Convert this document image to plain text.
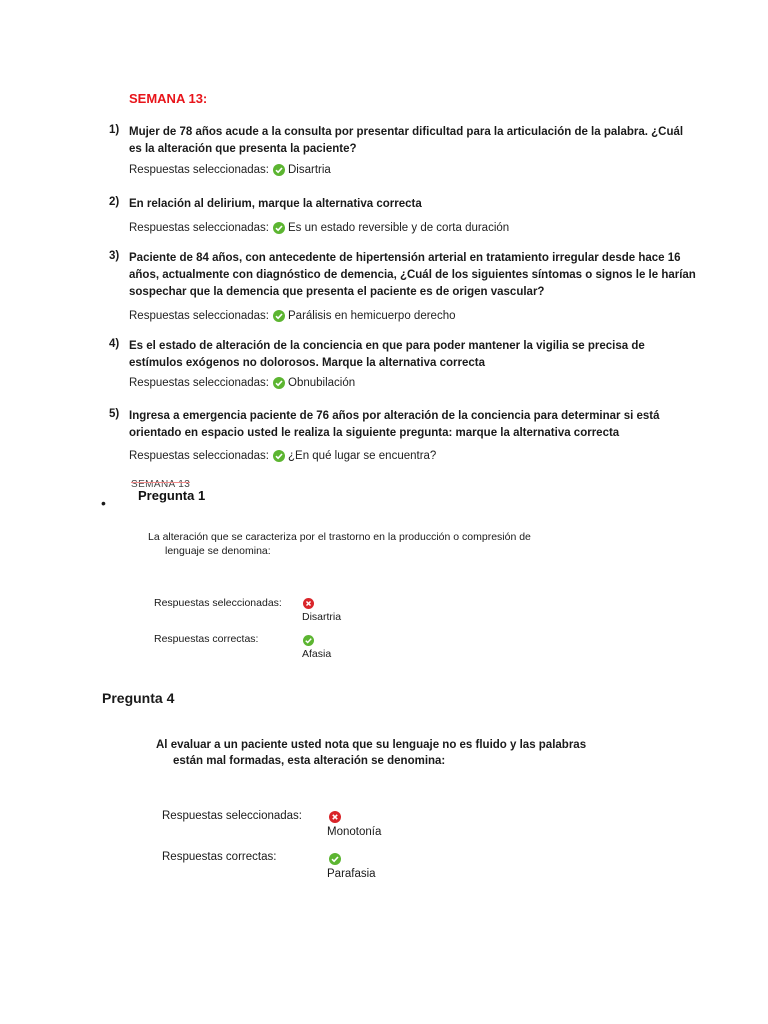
SEMANA 13:
1) Mujer de 78 años acude a la consulta por presentar dificultad para la articulación de la palabra. ¿Cuál es la alteración que presenta la paciente?
Respuestas seleccionadas: Disartria
2) En relación al delirium, marque la alternativa correcta
Respuestas seleccionadas: Es un estado reversible y de corta duración
3) Paciente de 84 años, con antecedente de hipertensión arterial en tratamiento irregular desde hace 16 años, actualmente con diagnóstico de demencia, ¿Cuál de los siguientes síntomas o signos le le harían sospechar que la demencia que presenta el paciente es de origen vascular?
Respuestas seleccionadas: Parálisis en hemicuerpo derecho
4) Es el estado de alteración de la conciencia en que para poder mantener la vigilia se precisa de estímulos exógenos no dolorosos. Marque la alternativa correcta
Respuestas seleccionadas: Obnubilación
5) Ingresa a emergencia paciente de 76 años por alteración de la conciencia para determinar si está orientado en espacio usted le realiza la siguiente pregunta: marque la alternativa correcta
Respuestas seleccionadas: ¿En qué lugar se encuentra?
SEMANA 13
• Pregunta 1
La alteración que se caracteriza por el trastorno en la producción o compresión de
lenguaje se denomina:
Respuestas seleccionadas:
Disartria
Respuestas correctas:
Afasia
Pregunta 4
Al evaluar a un paciente usted nota que su lenguaje no es fluido y las palabras
están mal formadas, esta alteración se denomina:
Respuestas seleccionadas:
Monotonía
Respuestas correctas:
Parafasia
